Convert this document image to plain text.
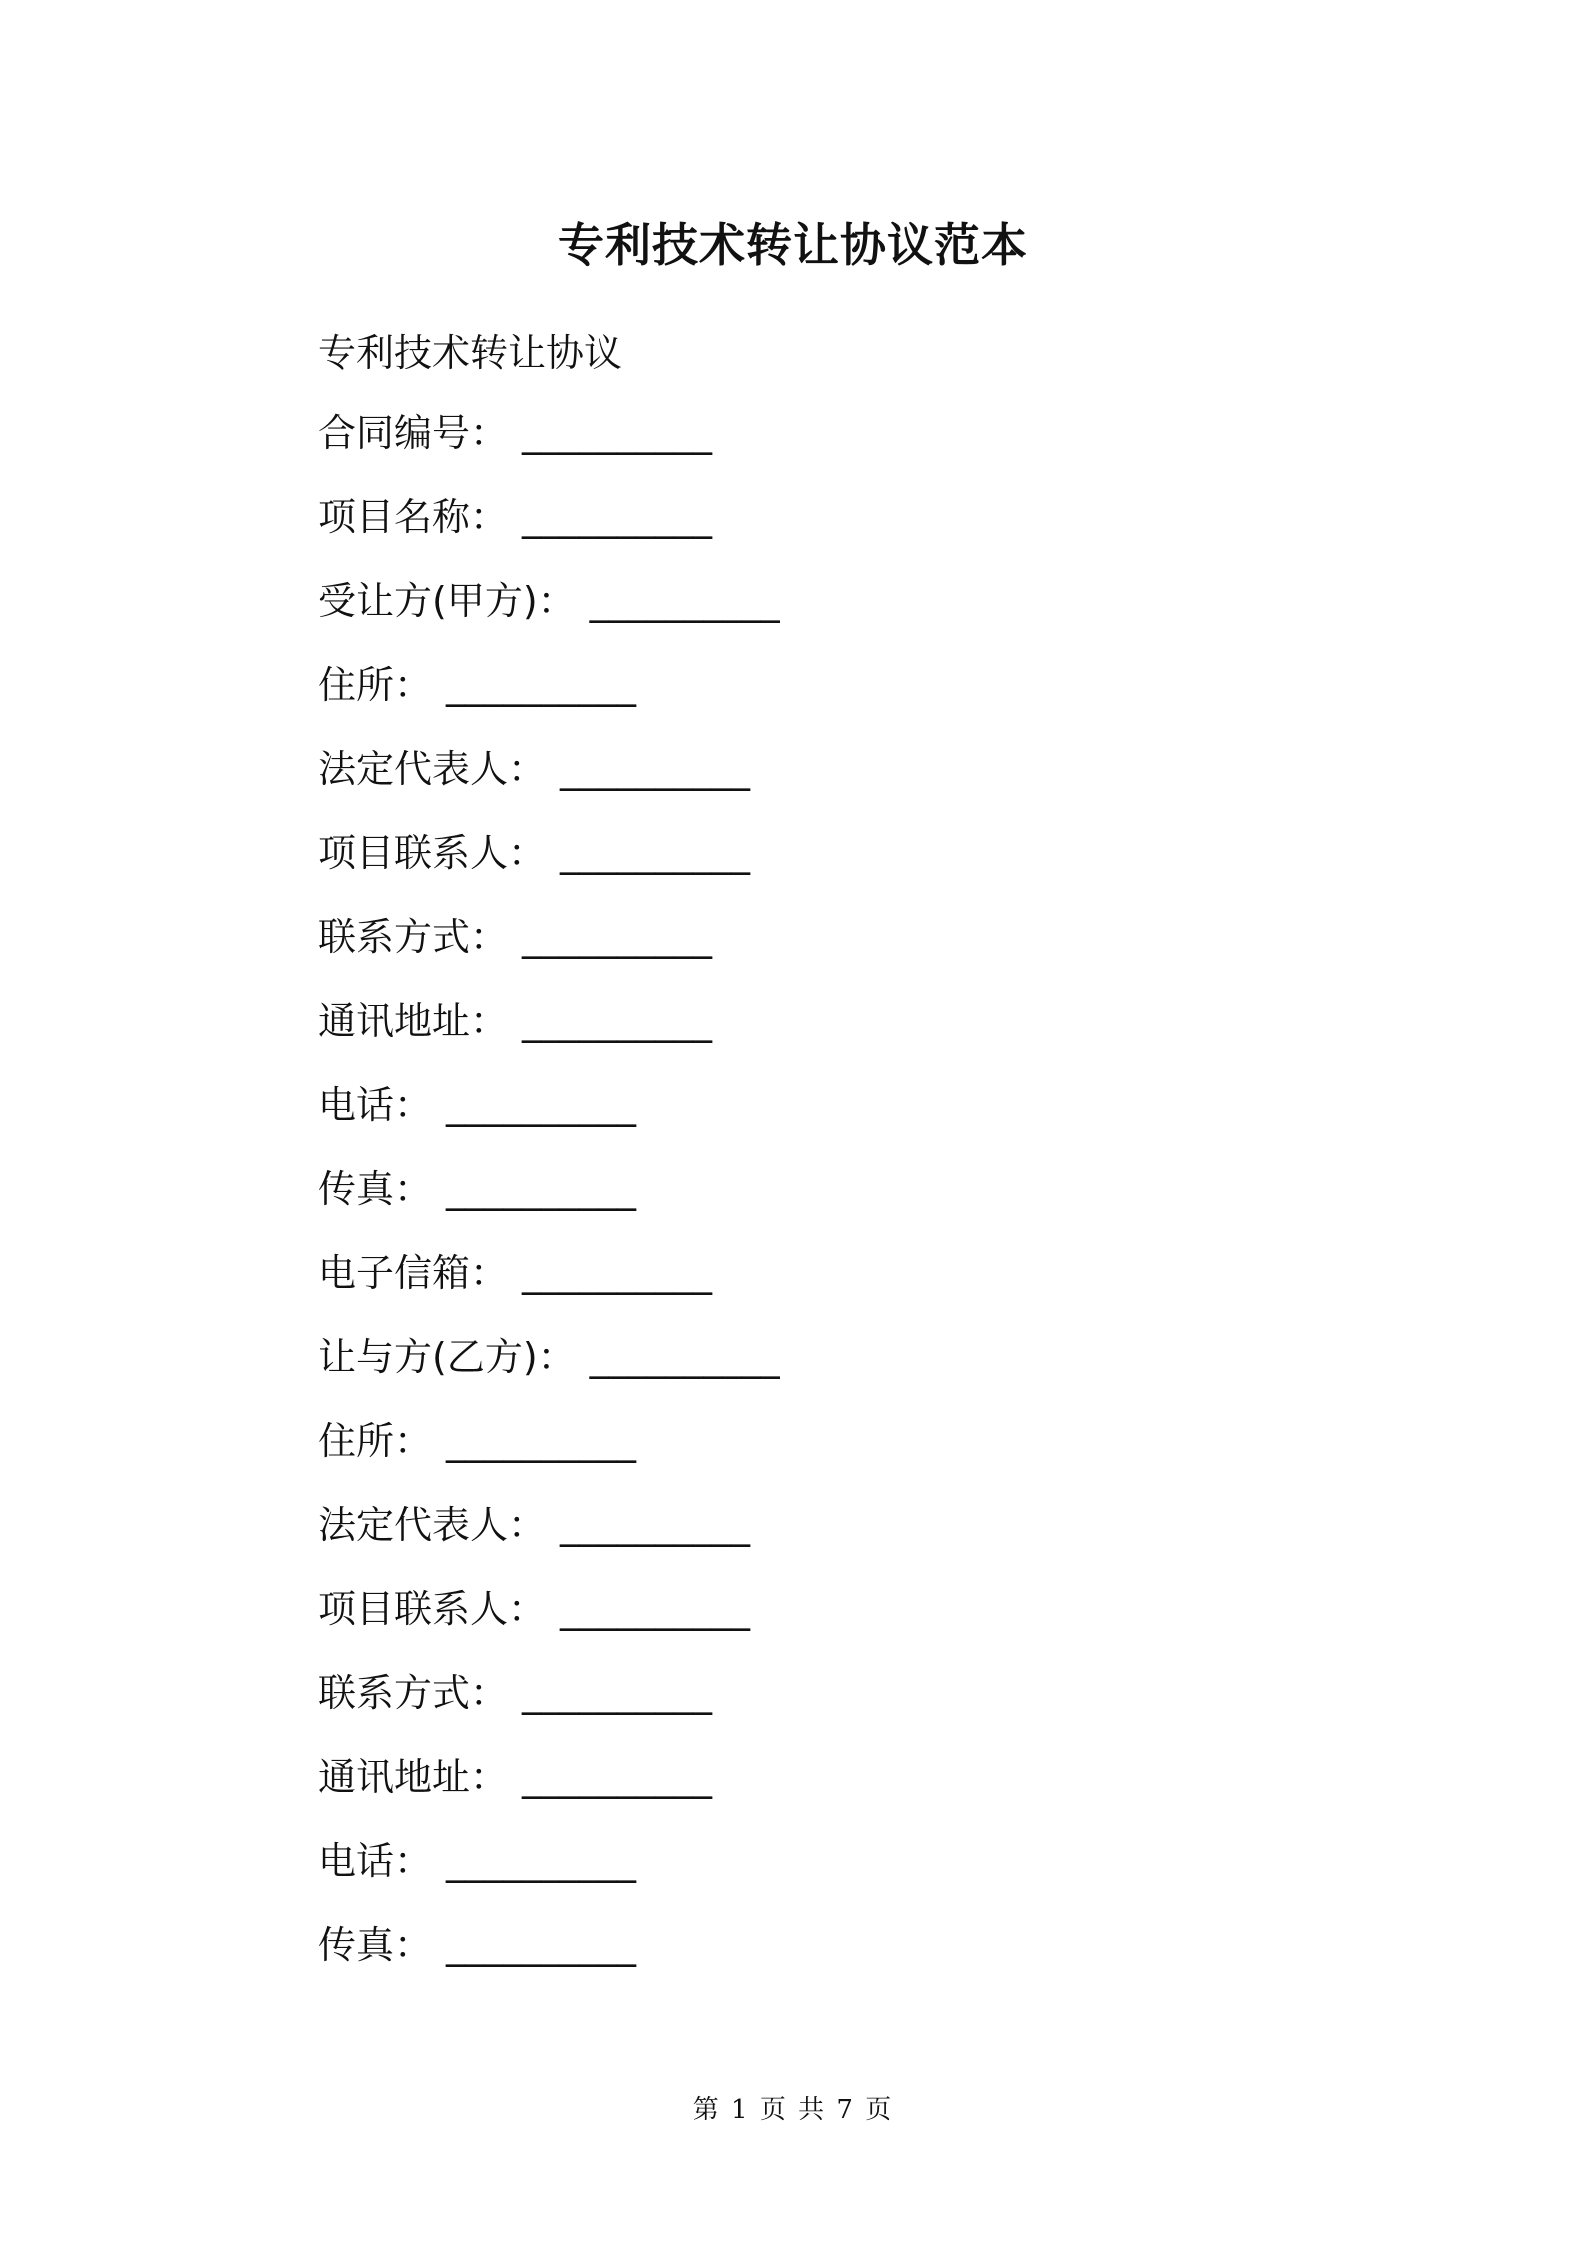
专利技术转让协议范本

专利技术转让协议

合同编号： __________
项目名称： __________
受让方(甲方)： __________
住所： __________
法定代表人： __________
项目联系人： __________
联系方式： __________
通讯地址： __________
电话： __________
传真： __________
电子信箱： __________
让与方(乙方)： __________
住所： __________
法定代表人： __________
项目联系人： __________
联系方式： __________
通讯地址： __________
电话： __________
传真： __________
第 1 页 共 7 页
